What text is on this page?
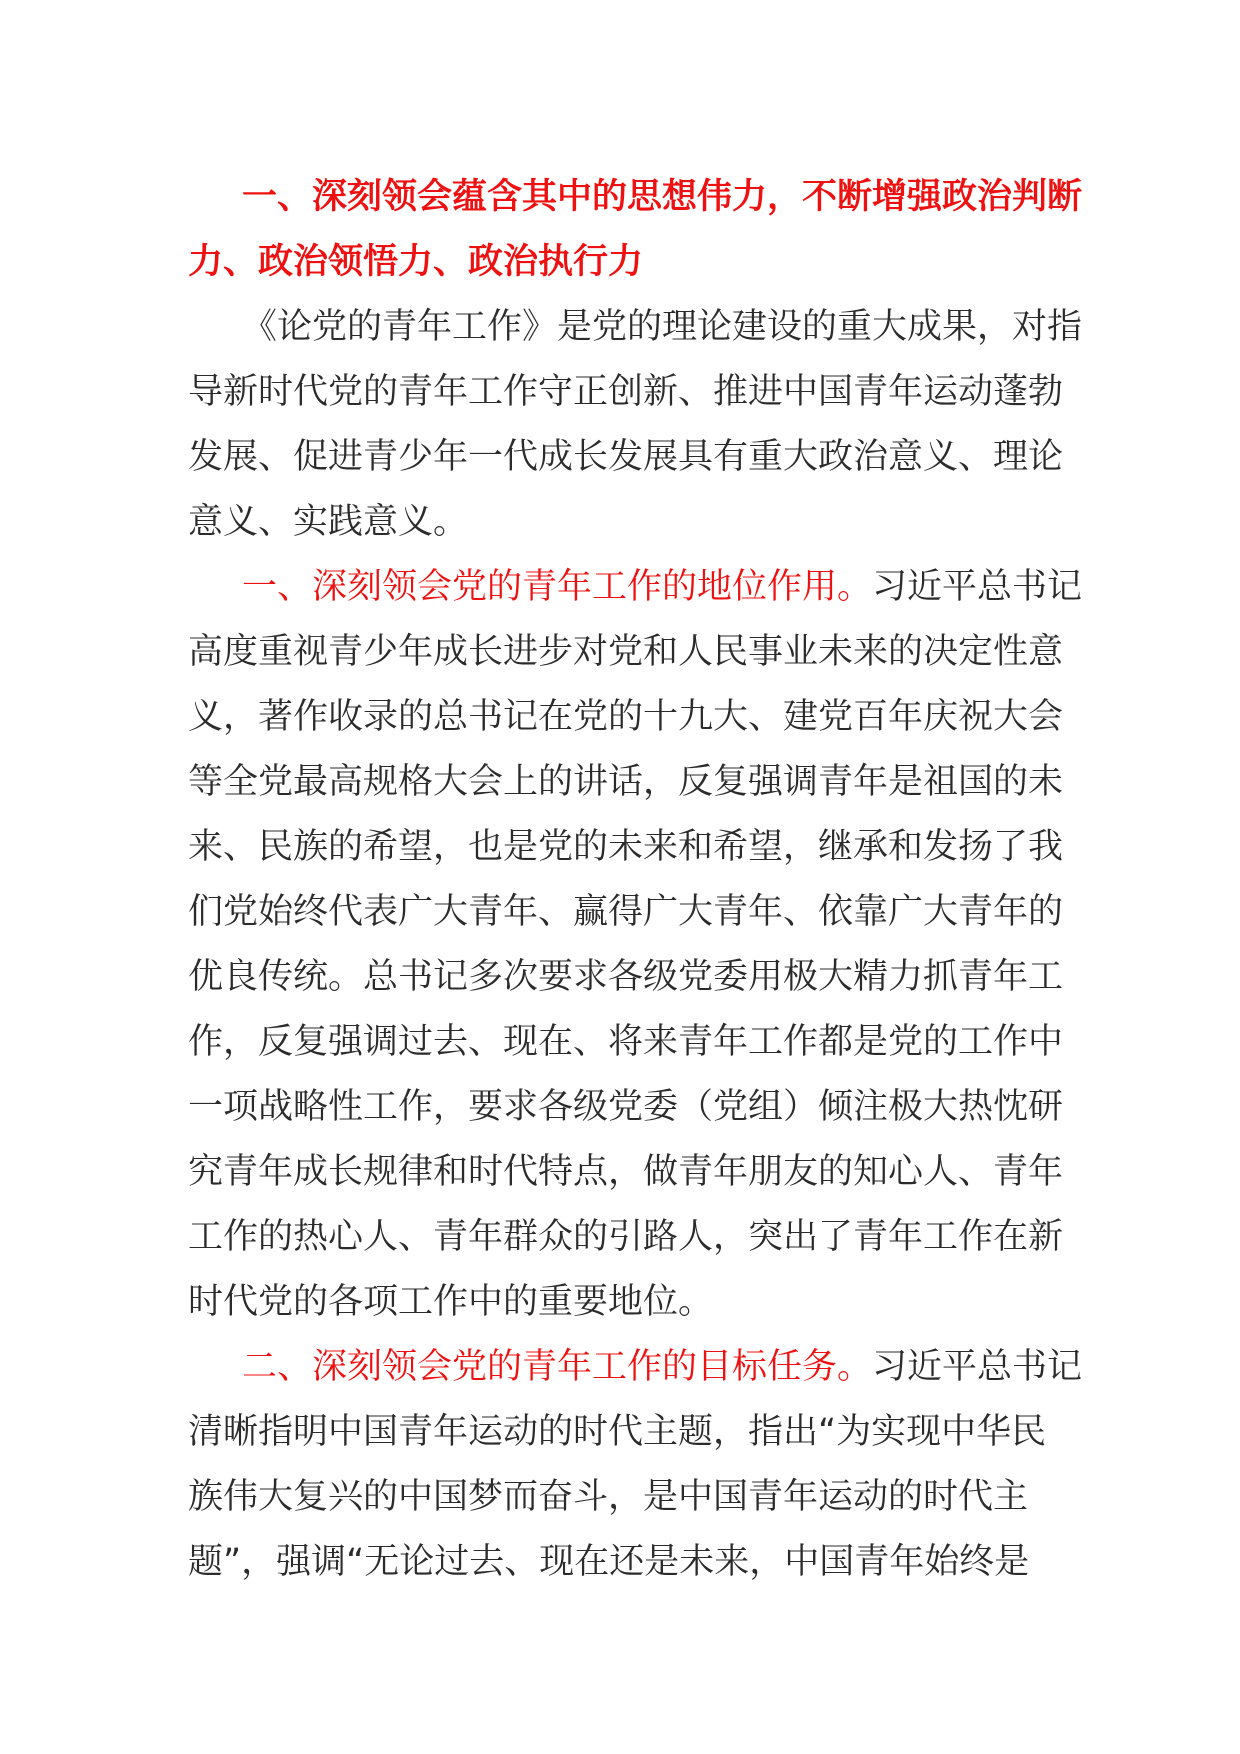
一、深刻领会蕴含其中的思想伟力，不断增强政治判断
力、政治领悟力、政治执行力
《论党的青年工作》是党的理论建设的重大成果，对指
导新时代党的青年工作守正创新、推进中国青年运动蓬勃
发展、促进青少年一代成长发展具有重大政治意义、理论
意义、实践意义。
一、深刻领会党的青年工作的地位作用。习近平总书记
高度重视青少年成长进步对党和人民事业未来的决定性意
义，著作收录的总书记在党的十九大、建党百年庆祝大会
等全党最高规格大会上的讲话，反复强调青年是祖国的未
来、民族的希望，也是党的未来和希望，继承和发扬了我
们党始终代表广大青年、赢得广大青年、依靠广大青年的
优良传统。总书记多次要求各级党委用极大精力抓青年工
作，反复强调过去、现在、将来青年工作都是党的工作中
一项战略性工作，要求各级党委（党组）倾注极大热忱研
究青年成长规律和时代特点，做青年朋友的知心人、青年
工作的热心人、青年群众的引路人，突出了青年工作在新
时代党的各项工作中的重要地位。
二、深刻领会党的青年工作的目标任务。习近平总书记
清晰指明中国青年运动的时代主题，指出“为实现中华民
族伟大复兴的中国梦而奋斗，是中国青年运动的时代主
题”，强调“无论过去、现在还是未来，中国青年始终是
